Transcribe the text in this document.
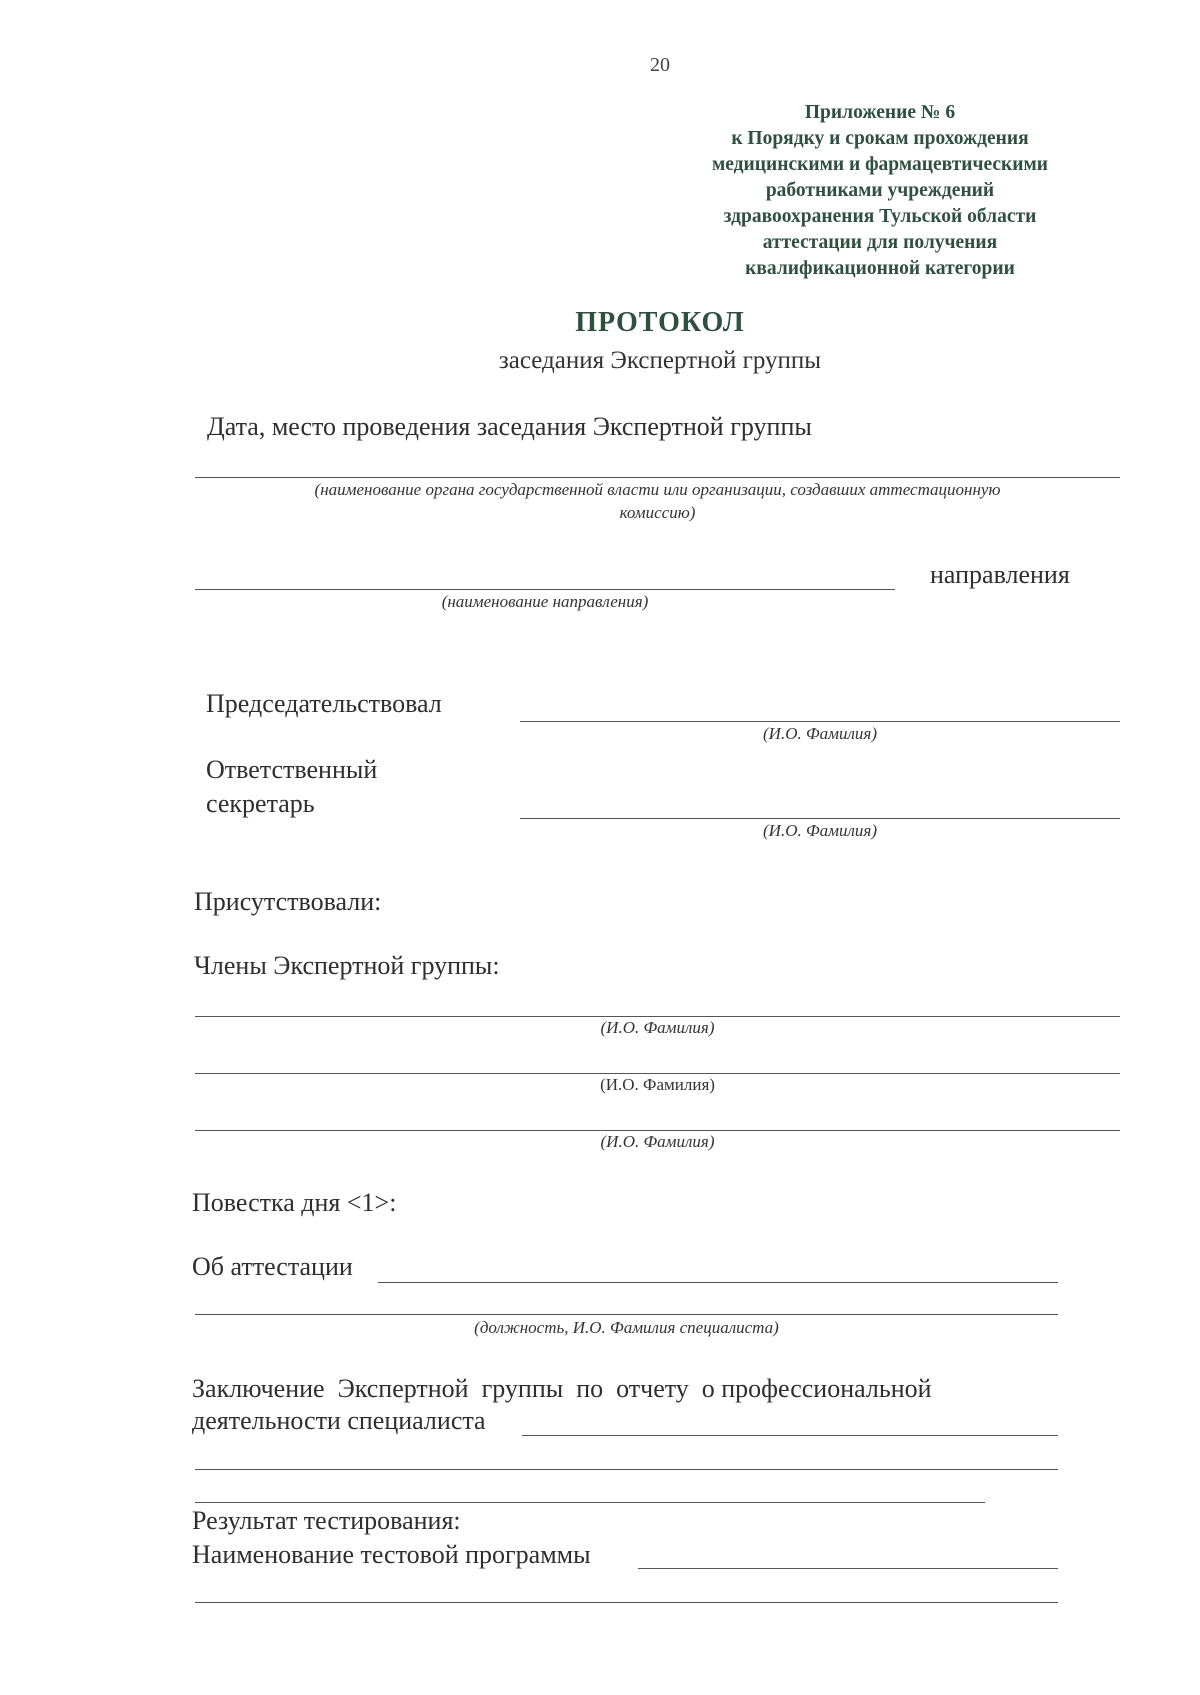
20
Приложение № 6
к Порядку и срокам прохождения
медицинскими и фармацевтическими
работниками учреждений
здравоохранения Тульской области
аттестации для получения
квалификационной категории
ПРОТОКОЛ
заседания Экспертной группы
Дата, место проведения заседания Экспертной группы
(наименование органа государственной власти или организации, создавших аттестационную
комиссию)
направления
(наименование направления)
Председательствовал
(И.О. Фамилия)
Ответственный
секретарь
(И.О. Фамилия)
Присутствовали:
Члены Экспертной группы:
(И.О. Фамилия)
(И.О. Фамилия)
(И.О. Фамилия)
Повестка дня <1>:
Об аттестации
(должность, И.О. Фамилия специалиста)
Заключение  Экспертной  группы  по  отчету  о профессиональной
деятельности специалиста
Результат тестирования:
Наименование тестовой программы
